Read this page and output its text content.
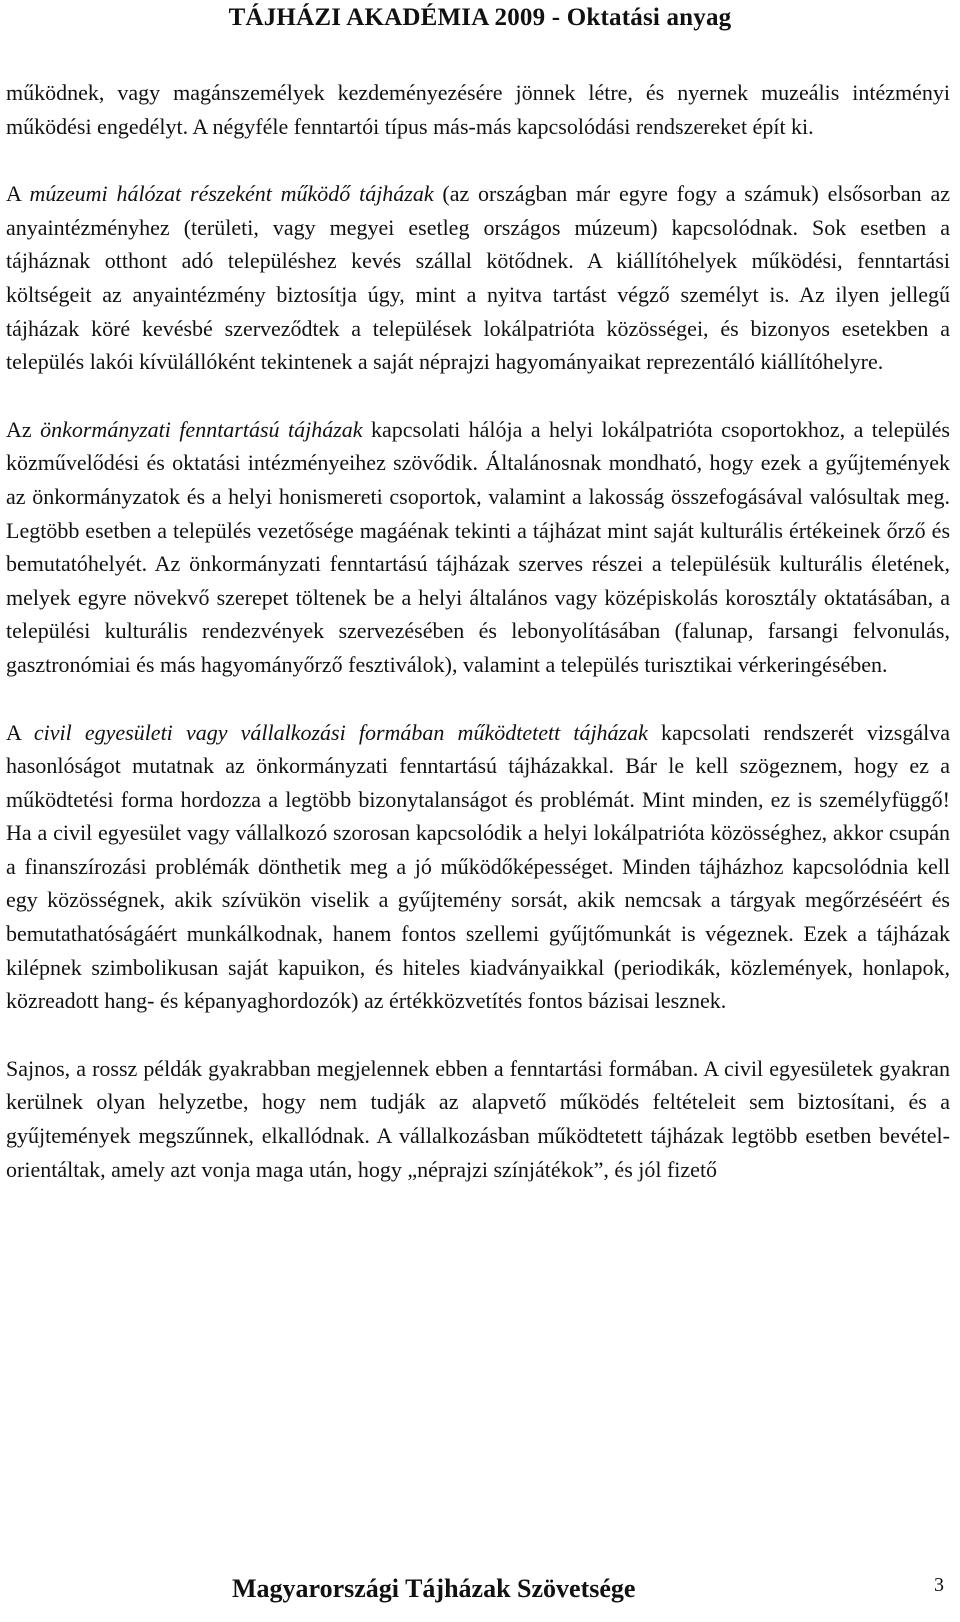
TÁJHÁZI AKADÉMIA 2009 - Oktatási anyag

működnek, vagy magánszemélyek kezdeményezésére jönnek létre, és nyernek muzeális intézményi működési engedélyt. A négyféle fenntartói típus más-más kapcsolódási rendszereket épít ki.

A múzeumi hálózat részeként működő tájházak (az országban már egyre fogy a számuk) elsősorban az anyaintézményhez (területi, vagy megyei esetleg országos múzeum) kapcsolódnak. Sok esetben a tájháznak otthont adó településhez kevés szállal kötődnek. A kiállítóhelyek működési, fenntartási költségeit az anyaintézmény biztosítja úgy, mint a nyitva tartást végző személyt is. Az ilyen jellegű tájházak köré kevésbé szerveződtek a települések lokálpatrióta közösségei, és bizonyos esetekben a település lakói kívülállóként tekintenek a saját néprajzi hagyományaikat reprezentáló kiállítóhelyre.

Az önkormányzati fenntartású tájházak kapcsolati hálója a helyi lokálpatrióta csoportokhoz, a település közművelődési és oktatási intézményeihez szövődik. Általánosnak mondható, hogy ezek a gyűjtemények az önkormányzatok és a helyi honismereti csoportok, valamint a lakosság összefogásával valósultak meg. Legtöbb esetben a település vezetősége magáénak tekinti a tájházat mint saját kulturális értékeinek őrző és bemutatóhelyét. Az önkormányzati fenntartású tájházak szerves részei a településük kulturális életének, melyek egyre növekvő szerepet töltenek be a helyi általános vagy középiskolás korosztály oktatásában, a települési kulturális rendezvények szervezésében és lebonyolításában (falunap, farsangi felvonulás, gasztronómiai és más hagyományőrző fesztiválok), valamint a település turisztikai vérkeringésében.

A civil egyesületi vagy vállalkozási formában működtetett tájházak kapcsolati rendszerét vizsgálva hasonlóságot mutatnak az önkormányzati fenntartású tájházakkal. Bár le kell szögeznem, hogy ez a működtetési forma hordozza a legtöbb bizonytalanságot és problémát. Mint minden, ez is személyfüggő! Ha a civil egyesület vagy vállalkozó szorosan kapcsolódik a helyi lokálpatrióta közösséghez, akkor csupán a finanszírozási problémák dönthetik meg a jó működőképességet. Minden tájházhoz kapcsolódnia kell egy közösségnek, akik szívükön viselik a gyűjtemény sorsát, akik nemcsak a tárgyak megőrzéséért és bemutathatóságáért munkálkodnak, hanem fontos szellemi gyűjtőmunkát is végeznek. Ezek a tájházak kilépnek szimbolikusan saját kapuikon, és hiteles kiadványaikkal (periodikák, közlemények, honlapok, közreadott hang- és képanyaghordozók) az értékközvetítés fontos bázisai lesznek.

Sajnos, a rossz példák gyakrabban megjelennek ebben a fenntartási formában. A civil egyesületek gyakran kerülnek olyan helyzetbe, hogy nem tudják az alapvető működés feltételeit sem biztosítani, és a gyűjtemények megszűnnek, elkallódnak. A vállalkozásban működtetett tájházak legtöbb esetben bevétel-orientáltak, amely azt vonja maga után, hogy „néprajzi színjátékok”, és jól fizető

Magyarországi Tájházak Szövetsége	3
